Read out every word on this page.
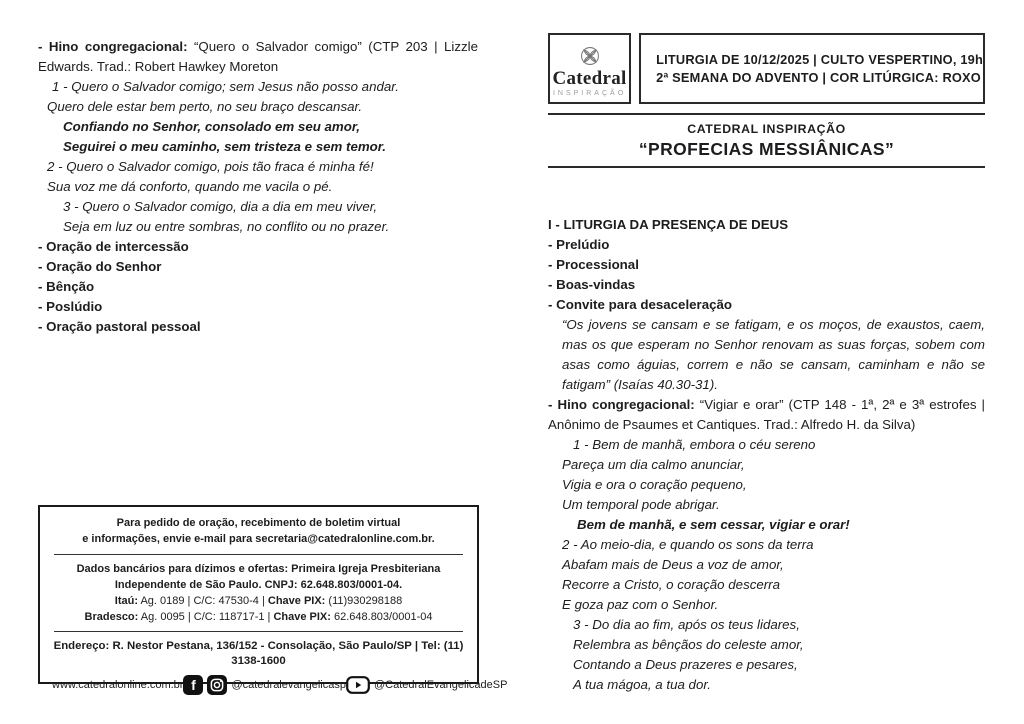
- Hino congregacional: “Quero o Salvador comigo” (CTP 203 | Lizzle Edwards. Trad.: Robert Hawkey Moreton

1 - Quero o Salvador comigo; sem Jesus não posso andar.
Quero dele estar bem perto, no seu braço descansar.
Confiando no Senhor, consolado em seu amor,
Seguirei o meu caminho, sem tristeza e sem temor.
2 - Quero o Salvador comigo, pois tão fraca é minha fé!
Sua voz me dá conforto, quando me vacila o pé.
3 - Quero o Salvador comigo, dia a dia em meu viver,
Seja em luz ou entre sombras, no conflito ou no prazer.
- Oração de intercessão
- Oração do Senhor
- Bênção
- Poslúdio
- Oração pastoral pessoal
Para pedido de oração, recebimento de boletim virtual
e informações, envie e-mail para secretaria@catedralonline.com.br.
Dados bancários para dízimos e ofertas: Primeira Igreja Presbiteriana
Independente de São Paulo. CNPJ: 62.648.803/0001-04.
Itaú: Ag. 0189 | C/C: 47530-4 | Chave PIX: (11)930298188
Bradesco: Ag. 0095 | C/C: 118717-1 | Chave PIX: 62.648.803/0001-04
Endereço: R. Nestor Pestana, 136/152 - Consolação, São Paulo/SP | Tel: (11) 3138-1600
www.catedralonline.com.br f	@catedralevangelicasp	@CatedralEvangelicadeSP
Catedral
INSPIRAÇÃO
LITURGIA DE 10/12/2025 | CULTO VESPERTINO, 19h
2ª SEMANA DO ADVENTO | COR LITÚRGICA: ROXO
CATEDRAL INSPIRAÇÃO
“PROFECIAS MESSIÂNICAS”
I - LITURGIA DA PRESENÇA DE DEUS
- Prelúdio
- Processional
- Boas-vindas
- Convite para desaceleração

“Os jovens se cansam e se fatigam, e os moços, de exaustos, caem, mas os que esperam no Senhor renovam as suas forças, sobem com asas como águias, correm e não se cansam, caminham e não se fatigam” (Isaías 40.30-31).

- Hino congregacional: “Vigiar e orar” (CTP 148 - 1ª, 2ª e 3ª estrofes | Anônimo de Psaumes et Cantiques. Trad.: Alfredo H. da Silva)

1 - Bem de manhã, embora o céu sereno
Pareça um dia calmo anunciar,
Vigia e ora o coração pequeno,
Um temporal pode abrigar.
Bem de manhã, e sem cessar, vigiar e orar!
2 - Ao meio-dia, e quando os sons da terra
Abafam mais de Deus a voz de amor,
Recorre a Cristo, o coração descerra
E goza paz com o Senhor.
3 - Do dia ao fim, após os teus lidares,
Relembra as bênçãos do celeste amor,
Contando a Deus prazeres e pesares,
A tua mágoa, a tua dor.
